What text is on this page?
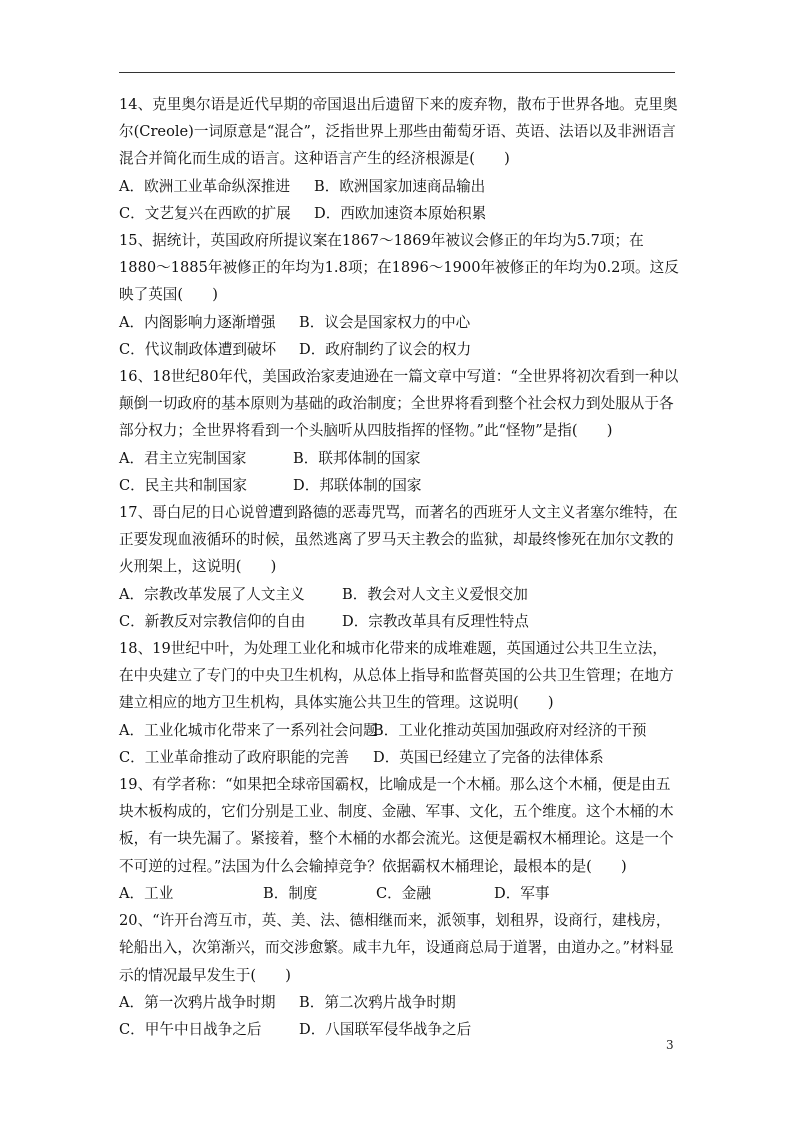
14、克里奥尔语是近代早期的帝国退出后遗留下来的废弃物，散布于世界各地。克里奥尔(Creole)一词原意是“混合”，泛指世界上那些由葡萄牙语、英语、法语以及非洲语言混合并简化而生成的语言。这种语言产生的经济根源是(　　)

A．欧洲工业革命纵深推进	B．欧洲国家加速商品输出
C．文艺复兴在西欧的扩展	D．西欧加速资本原始积累

15、据统计，英国政府所提议案在1867～1869年被议会修正的年均为5.7项；在1880～1885年被修正的年均为1.8项；在1896～1900年被修正的年均为0.2项。这反映了英国(　　)

A．内阁影响力逐渐增强	B．议会是国家权力的中心
C．代议制政体遭到破坏	D．政府制约了议会的权力

16、18世纪80年代，美国政治家麦迪逊在一篇文章中写道：“全世界将初次看到一种以颠倒一切政府的基本原则为基础的政治制度；全世界将看到整个社会权力到处服从于各部分权力；全世界将看到一个头脑听从四肢指挥的怪物。”此“怪物”是指(　　)

A．君主立宪制国家	B．联邦体制的国家
C．民主共和制国家	D．邦联体制的国家

17、哥白尼的日心说曾遭到路德的恶毒咒骂，而著名的西班牙人文主义者塞尔维特，在正要发现血液循环的时候，虽然逃离了罗马天主教会的监狱，却最终惨死在加尔文教的火刑架上，这说明(　　)

A．宗教改革发展了人文主义	B．教会对人文主义爱恨交加
C．新教反对宗教信仰的自由	D．宗教改革具有反理性特点

18、19世纪中叶，为处理工业化和城市化带来的成堆难题，英国通过公共卫生立法，在中央建立了专门的中央卫生机构，从总体上指导和监督英国的公共卫生管理；在地方建立相应的地方卫生机构，具体实施公共卫生的管理。这说明(　　)

A．工业化城市化带来了一系列社会问题
B．工业化推动英国加强政府对经济的干预
C．工业革命推动了政府职能的完善	D．英国已经建立了完备的法律体系

19、有学者称：“如果把全球帝国霸权，比喻成是一个木桶。那么这个木桶，便是由五块木板构成的，它们分别是工业、制度、金融、军事、文化，五个维度。这个木桶的木板，有一块先漏了。紧接着，整个木桶的水都会流光。这便是霸权木桶理论。这是一个不可逆的过程。”法国为什么会输掉竞争？依据霸权木桶理论，最根本的是(　　)

A．工业	B．制度	C．金融	D．军事

20、“许开台湾互市，英、美、法、德相继而来，派领事，划租界，设商行，建栈房，轮船出入，次第渐兴，而交涉愈繁。咸丰九年，设通商总局于道署，由道办之。”材料显示的情况最早发生于(　　)

A．第一次鸦片战争时期	B．第二次鸦片战争时期
C．甲午中日战争之后	D．八国联军侵华战争之后
3
